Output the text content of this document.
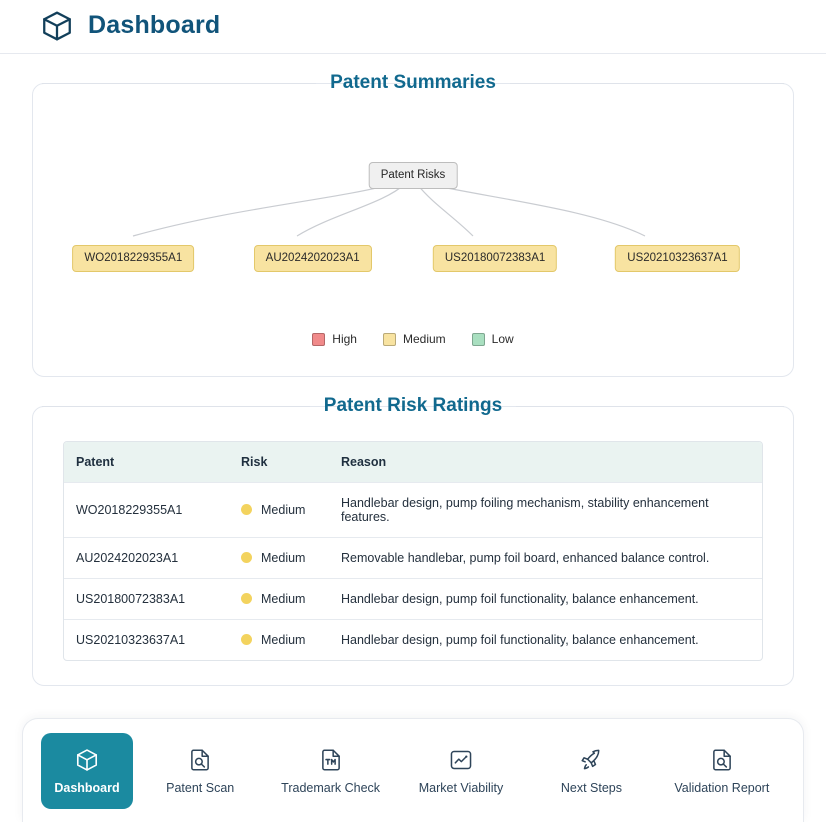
Dashboard
Patent Summaries
Patent Risks
WO2018229355A1	AU2024202023A1	US20180072383A1	US20210323637A1
High	Medium	Low
Patent Risk Ratings
Patent	Risk	Reason
WO2018229355A1	Medium	Handlebar design, pump foiling mechanism, stability enhancement features.
AU2024202023A1	Medium	Removable handlebar, pump foil board, enhanced balance control.
US20180072383A1	Medium	Handlebar design, pump foil functionality, balance enhancement.
US20210323637A1	Medium	Handlebar design, pump foil functionality, balance enhancement.
Dashboard	Patent Scan	Trademark Check	Market Viability	Next Steps	Validation Report
